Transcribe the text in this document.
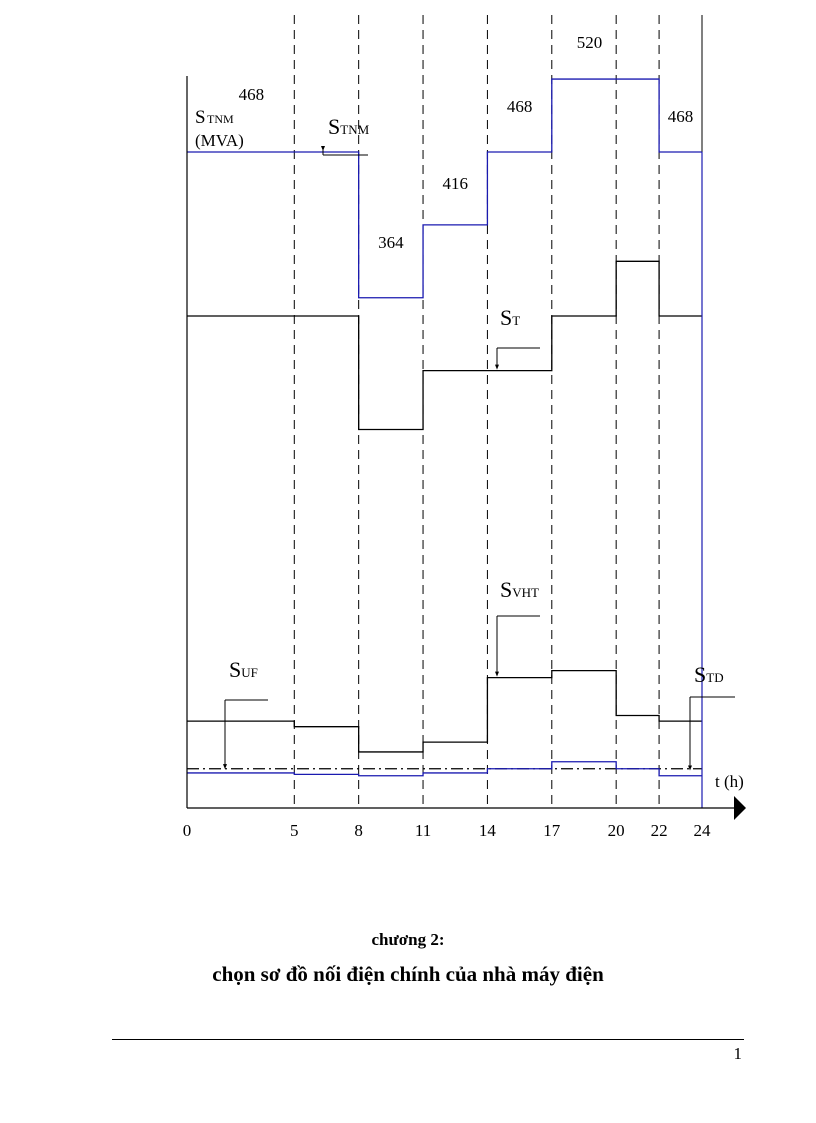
0	5	8	11	14	17	20 22 24
468
364
416
468
520
468
S TNM
(MVA)
t (h)
STNM
ST
SVHT
SUF	STD
chương 2:
chọn sơ đồ nối điện chính của nhà máy điện
1
